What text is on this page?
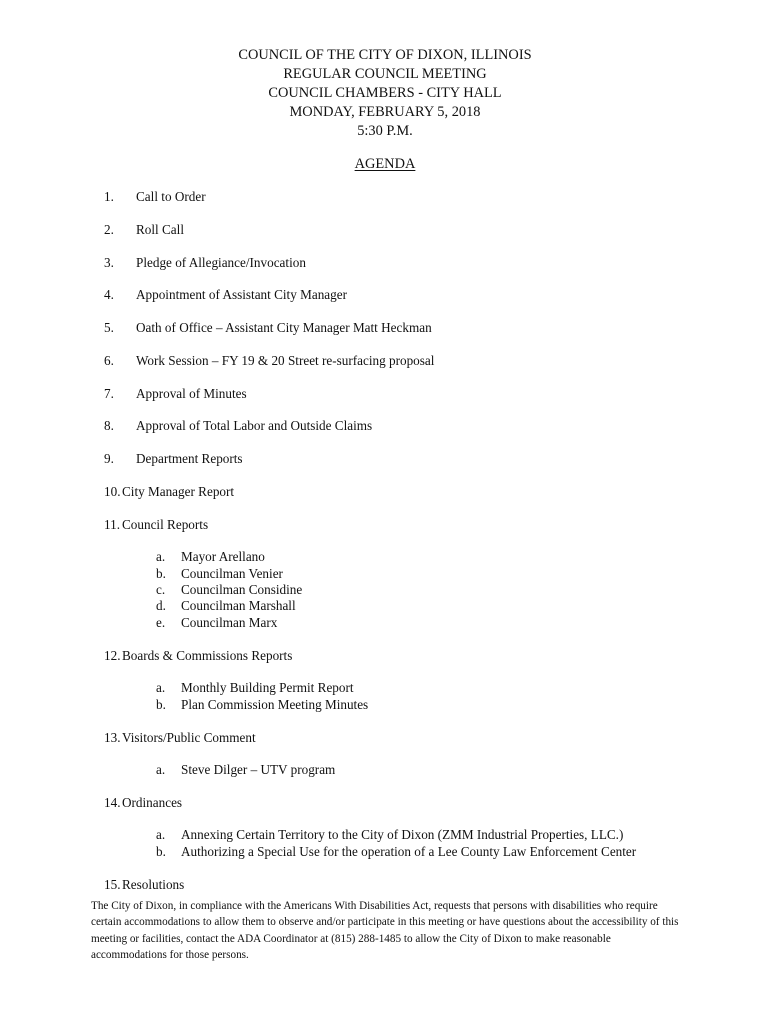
COUNCIL OF THE CITY OF DIXON, ILLINOIS
REGULAR COUNCIL MEETING
COUNCIL CHAMBERS - CITY HALL
MONDAY, FEBRUARY 5, 2018
5:30 P.M.
AGENDA
1.	Call to Order
2.	Roll Call
3.	Pledge of Allegiance/Invocation
4.	Appointment of Assistant City Manager
5.	Oath of Office – Assistant City Manager Matt Heckman
6.	Work Session – FY 19 & 20 Street re-surfacing proposal
7.	Approval of Minutes
8.	Approval of Total Labor and Outside Claims
9.	Department Reports
10. City Manager Report
11. Council Reports
a.	Mayor Arellano
b.	Councilman Venier
c.	Councilman Considine
d.	Councilman Marshall
e.	Councilman Marx
12. Boards & Commissions Reports
a.	Monthly Building Permit Report
b.	Plan Commission Meeting Minutes
13. Visitors/Public Comment
a.	Steve Dilger – UTV program
14. Ordinances
a.	Annexing Certain Territory to the City of Dixon (ZMM Industrial Properties, LLC.)
b.	Authorizing a Special Use for the operation of a Lee County Law Enforcement Center
15. Resolutions
The City of Dixon, in compliance with the Americans With Disabilities Act, requests that persons with disabilities who require certain accommodations to allow them to observe and/or participate in this meeting or have questions about the accessibility of this meeting or facilities, contact the ADA Coordinator at (815) 288-1485 to allow the City of Dixon to make reasonable accommodations for those persons.
